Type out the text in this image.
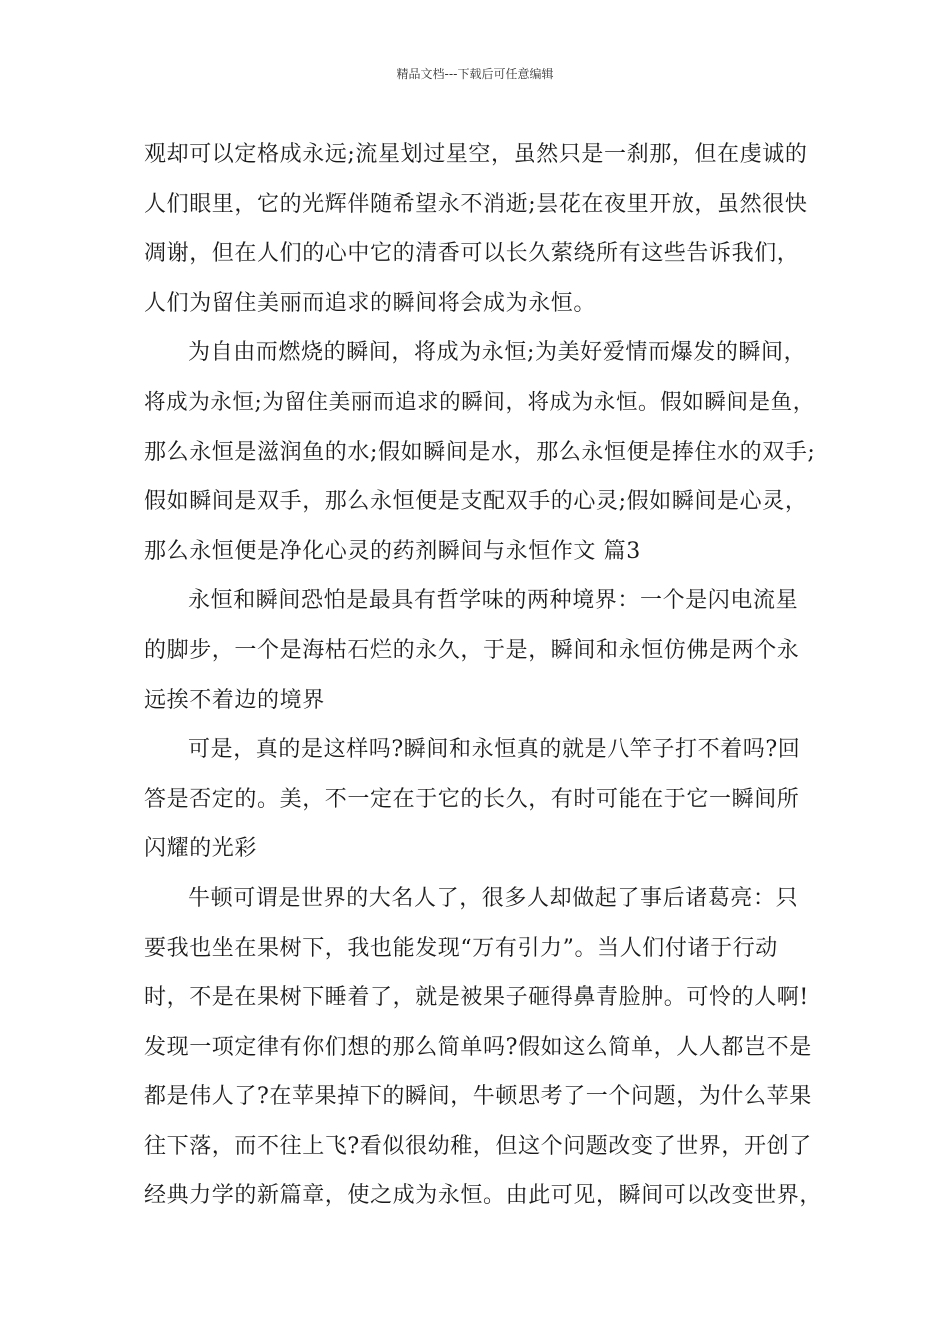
精品文档---下载后可任意编辑
观却可以定格成永远;流星划过星空，虽然只是一刹那，但在虔诚的
人们眼里，它的光辉伴随希望永不消逝;昙花在夜里开放，虽然很快
凋谢，但在人们的心中它的清香可以长久萦绕所有这些告诉我们，
人们为留住美丽而追求的瞬间将会成为永恒。
为自由而燃烧的瞬间，将成为永恒;为美好爱情而爆发的瞬间，
将成为永恒;为留住美丽而追求的瞬间，将成为永恒。假如瞬间是鱼，
那么永恒是滋润鱼的水;假如瞬间是水，那么永恒便是捧住水的双手;
假如瞬间是双手，那么永恒便是支配双手的心灵;假如瞬间是心灵，
那么永恒便是净化心灵的药剂瞬间与永恒作文 篇3
永恒和瞬间恐怕是最具有哲学味的两种境界：一个是闪电流星
的脚步，一个是海枯石烂的永久，于是，瞬间和永恒仿佛是两个永
远挨不着边的境界
可是，真的是这样吗?瞬间和永恒真的就是八竿子打不着吗?回
答是否定的。美，不一定在于它的长久，有时可能在于它一瞬间所
闪耀的光彩
牛顿可谓是世界的大名人了，很多人却做起了事后诸葛亮：只
要我也坐在果树下，我也能发现“万有引力”。当人们付诸于行动
时，不是在果树下睡着了，就是被果子砸得鼻青脸肿。可怜的人啊!
发现一项定律有你们想的那么简单吗?假如这么简单，人人都岂不是
都是伟人了?在苹果掉下的瞬间，牛顿思考了一个问题，为什么苹果
往下落，而不往上飞?看似很幼稚，但这个问题改变了世界，开创了
经典力学的新篇章，使之成为永恒。由此可见，瞬间可以改变世界，
